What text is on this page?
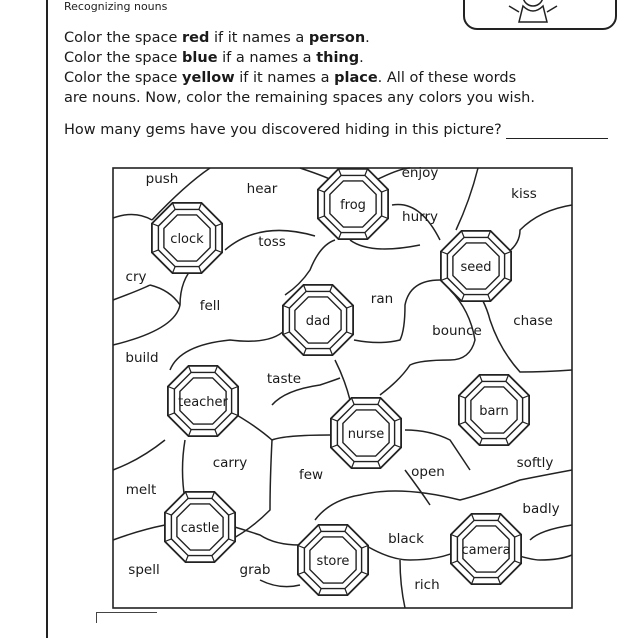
Recognizing nouns
Color the space red if it names a person.
Color the space blue if a names a thing.
Color the space yellow if it names a place. All of these words
are nouns. Now, color the remaining spaces any colors you wish.
How many gems have you discovered hiding in this picture?
clock
frog
seed
dad
teacher
nurse
barn
castle
store
camera
push
hear
enjoy
kiss
hurry
toss
cry
fell	ran
chase
bounce
build
taste
carry
few	open
softly
melt
badly
black
spell	grab
rich
